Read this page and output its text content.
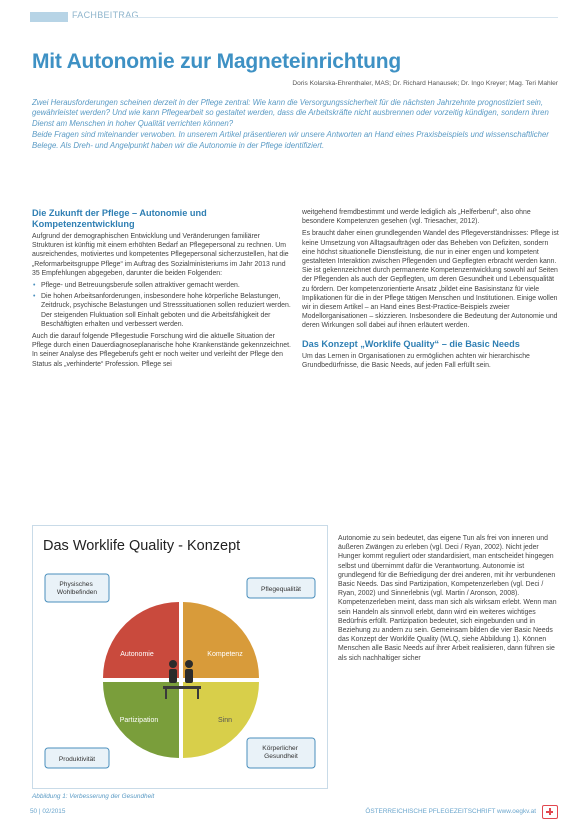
FACHBEITRAG
Mit Autonomie zur Magneteinrichtung
Doris Kolarska-Ehrenthaler, MAS; Dr. Richard Hanausek; Dr. Ingo Kreyer; Mag. Teri Mahler

Zwei Herausforderungen scheinen derzeit in der Pflege zentral: Wie kann die Versorgungssicherheit für die nächsten Jahrzehnte prognostiziert sein, gewährleistet werden? Und wie kann Pflegearbeit so gestaltet werden, dass die Arbeitskräfte nicht ausbrennen oder vorzeitig kündigen, sondern ihren Dienst am Menschen in hoher Qualität verrichten können?

Beide Fragen sind miteinander verwoben. In unserem Artikel präsentieren wir unsere Antworten an Hand eines Praxisbeispiels und wissenschaftlicher Belege. Als Dreh- und Angelpunkt haben wir die Autonomie in der Pflege identifiziert.

Die Zukunft der Pflege – Autonomie und Kompetenzentwicklung

Aufgrund der demographischen Entwicklung und Veränderungen familiärer Strukturen ist künftig mit einem erhöhten Bedarf an Pflegepersonal zu rechnen. Um ausreichendes, motiviertes und kompetentes Pflegepersonal sicherzustellen, hat die „Reformarbeitsgruppe Pflege“ im Auftrag des Sozialministeriums im Jahr 2013 rund 35 Empfehlungen abgegeben, darunter die beiden Folgenden:

• Pflege- und Betreuungsberufe sollen attraktiver gemacht werden.
• Die hohen Arbeitsanforderungen, insbesondere hohe körperliche Belastungen, Zeitdruck, psychische Belastungen und Stresssituationen sollen reduziert werden. Der steigenden Fluktuation soll Einhalt geboten und die Arbeitsfähigkeit der Beschäftigten erhalten und verbessert werden.

Auch die darauf folgende Pflegestudie Forschung wird die aktuelle Situation der Pflege durch einen Dauerdiagnoseplanarische hohe Krankenstände gekennzeichnet. In seiner Analyse des Pflegeberufs geht er noch weiter und verleiht der Pflege den Status als „verhinderte“ Profession. Pflege sei

weitgehend fremdbestimmt und werde lediglich als „Helferberuf“, also ohne besondere Kompetenzen gesehen (vgl. Triesacher, 2012).

Es braucht daher einen grundlegenden Wandel des Pflegeverständnisses: Pflege ist keine Umsetzung von Alltagsaufträgen oder das Beheben von Defiziten, sondern eine höchst situationelle Dienstleistung, die nur in einer engen und kompetent gestalteten Interaktion zwischen Pflegenden und Gepflegten erbracht werden kann. Sie ist gekennzeichnet durch permanente Kompetenzentwicklung sowohl auf Seiten der Pflegenden als auch der Gepflegten, um deren Gesundheit und Lebensqualität zu fördern. Der kompetenzorientierte Ansatz „bildet eine Basisinstanz für viele Implikationen für die in der Pflege tätigen Menschen und Institutionen. Einige wollen wir in diesem Artikel – an Hand eines Best-Practice-Beispiels zweier Modellorganisationen – skizzieren. Insbesondere die Bedeutung der Autonomie und deren Wirkungen soll dabei auf ihnen erläutert werden.

Das Konzept „Worklife Quality“ – die Basic Needs

Um das Lernen in Organisationen zu ermöglichen achten wir hierarchische Grundbedürfnisse, die Basic Needs, auf jeden Fall erfüllt sein.

Das Worklife Quality - Konzept
Physisches Wohlbefinden	Pflegequalität
Produktivität
Körperlicher Gesundheit
Autonomie	Kompetenz
Partizipation	Sinn
Abbildung 1: Verbesserung der Gesundheit

Autonomie zu sein bedeutet, das eigene Tun als frei von inneren und äußeren Zwängen zu erleben (vgl. Deci / Ryan, 2002). Nicht jeder Hunger kommt reguliert oder standardisiert, man entscheidet hingegen selbst und übernimmt dafür die Verantwortung. Autonomie ist grundlegend für die Befriedigung der drei anderen, mit ihr verbundenen Basic Needs. Das sind Partizipation, Kompetenzerleben (vgl. Deci / Ryan, 2002) und Sinnerlebnis (vgl. Martin / Aronson, 2008). Kompetenzerleben meint, dass man sich als wirksam erlebt. Wenn man sein Handeln als sinnvoll erlebt, dann wird ein weiteres wichtiges Bedürfnis erfüllt. Partizipation bedeutet, sich eingebunden und in Beziehung zu andern zu sein. Gemeinsam bilden die vier Basic Needs das Konzept der Worklife Quality (WLQ, siehe Abbildung 1). Können Menschen alle Basic Needs auf ihrer Arbeit realisieren, dann führen sie als sich nachhaltiger sicher

50 | 02/2015	ÖSTERREICHISCHE PFLEGEZEITSCHRIFT www.oegkv.at
